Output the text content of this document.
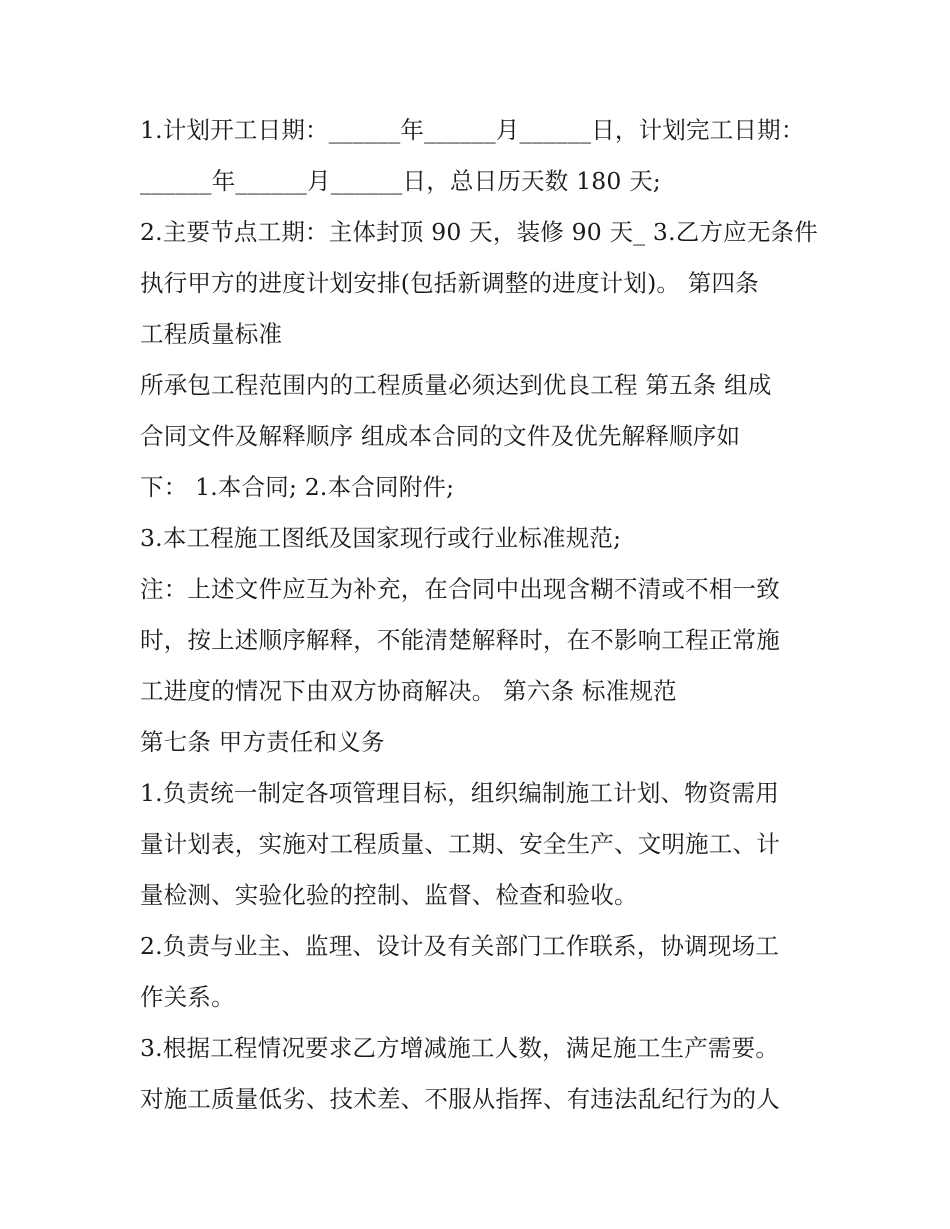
1.计划开工日期：______年______月______日，计划完工日期：
______年______月______日，总日历天数 180 天;
2.主要节点工期：主体封顶 90 天，装修 90 天_ 3.乙方应无条件
执行甲方的进度计划安排(包括新调整的进度计划)。 第四条
工程质量标准
所承包工程范围内的工程质量必须达到优良工程 第五条 组成
合同文件及解释顺序 组成本合同的文件及优先解释顺序如
下： 1.本合同; 2.本合同附件;
3.本工程施工图纸及国家现行或行业标准规范;
注：上述文件应互为补充，在合同中出现含糊不清或不相一致
时，按上述顺序解释，不能清楚解释时，在不影响工程正常施
工进度的情况下由双方协商解决。 第六条 标准规范
第七条 甲方责任和义务
1.负责统一制定各项管理目标，组织编制施工计划、物资需用
量计划表，实施对工程质量、工期、安全生产、文明施工、计
量检测、实验化验的控制、监督、检查和验收。
2.负责与业主、监理、设计及有关部门工作联系，协调现场工
作关系。
3.根据工程情况要求乙方增减施工人数，满足施工生产需要。
对施工质量低劣、技术差、不服从指挥、有违法乱纪行为的人
